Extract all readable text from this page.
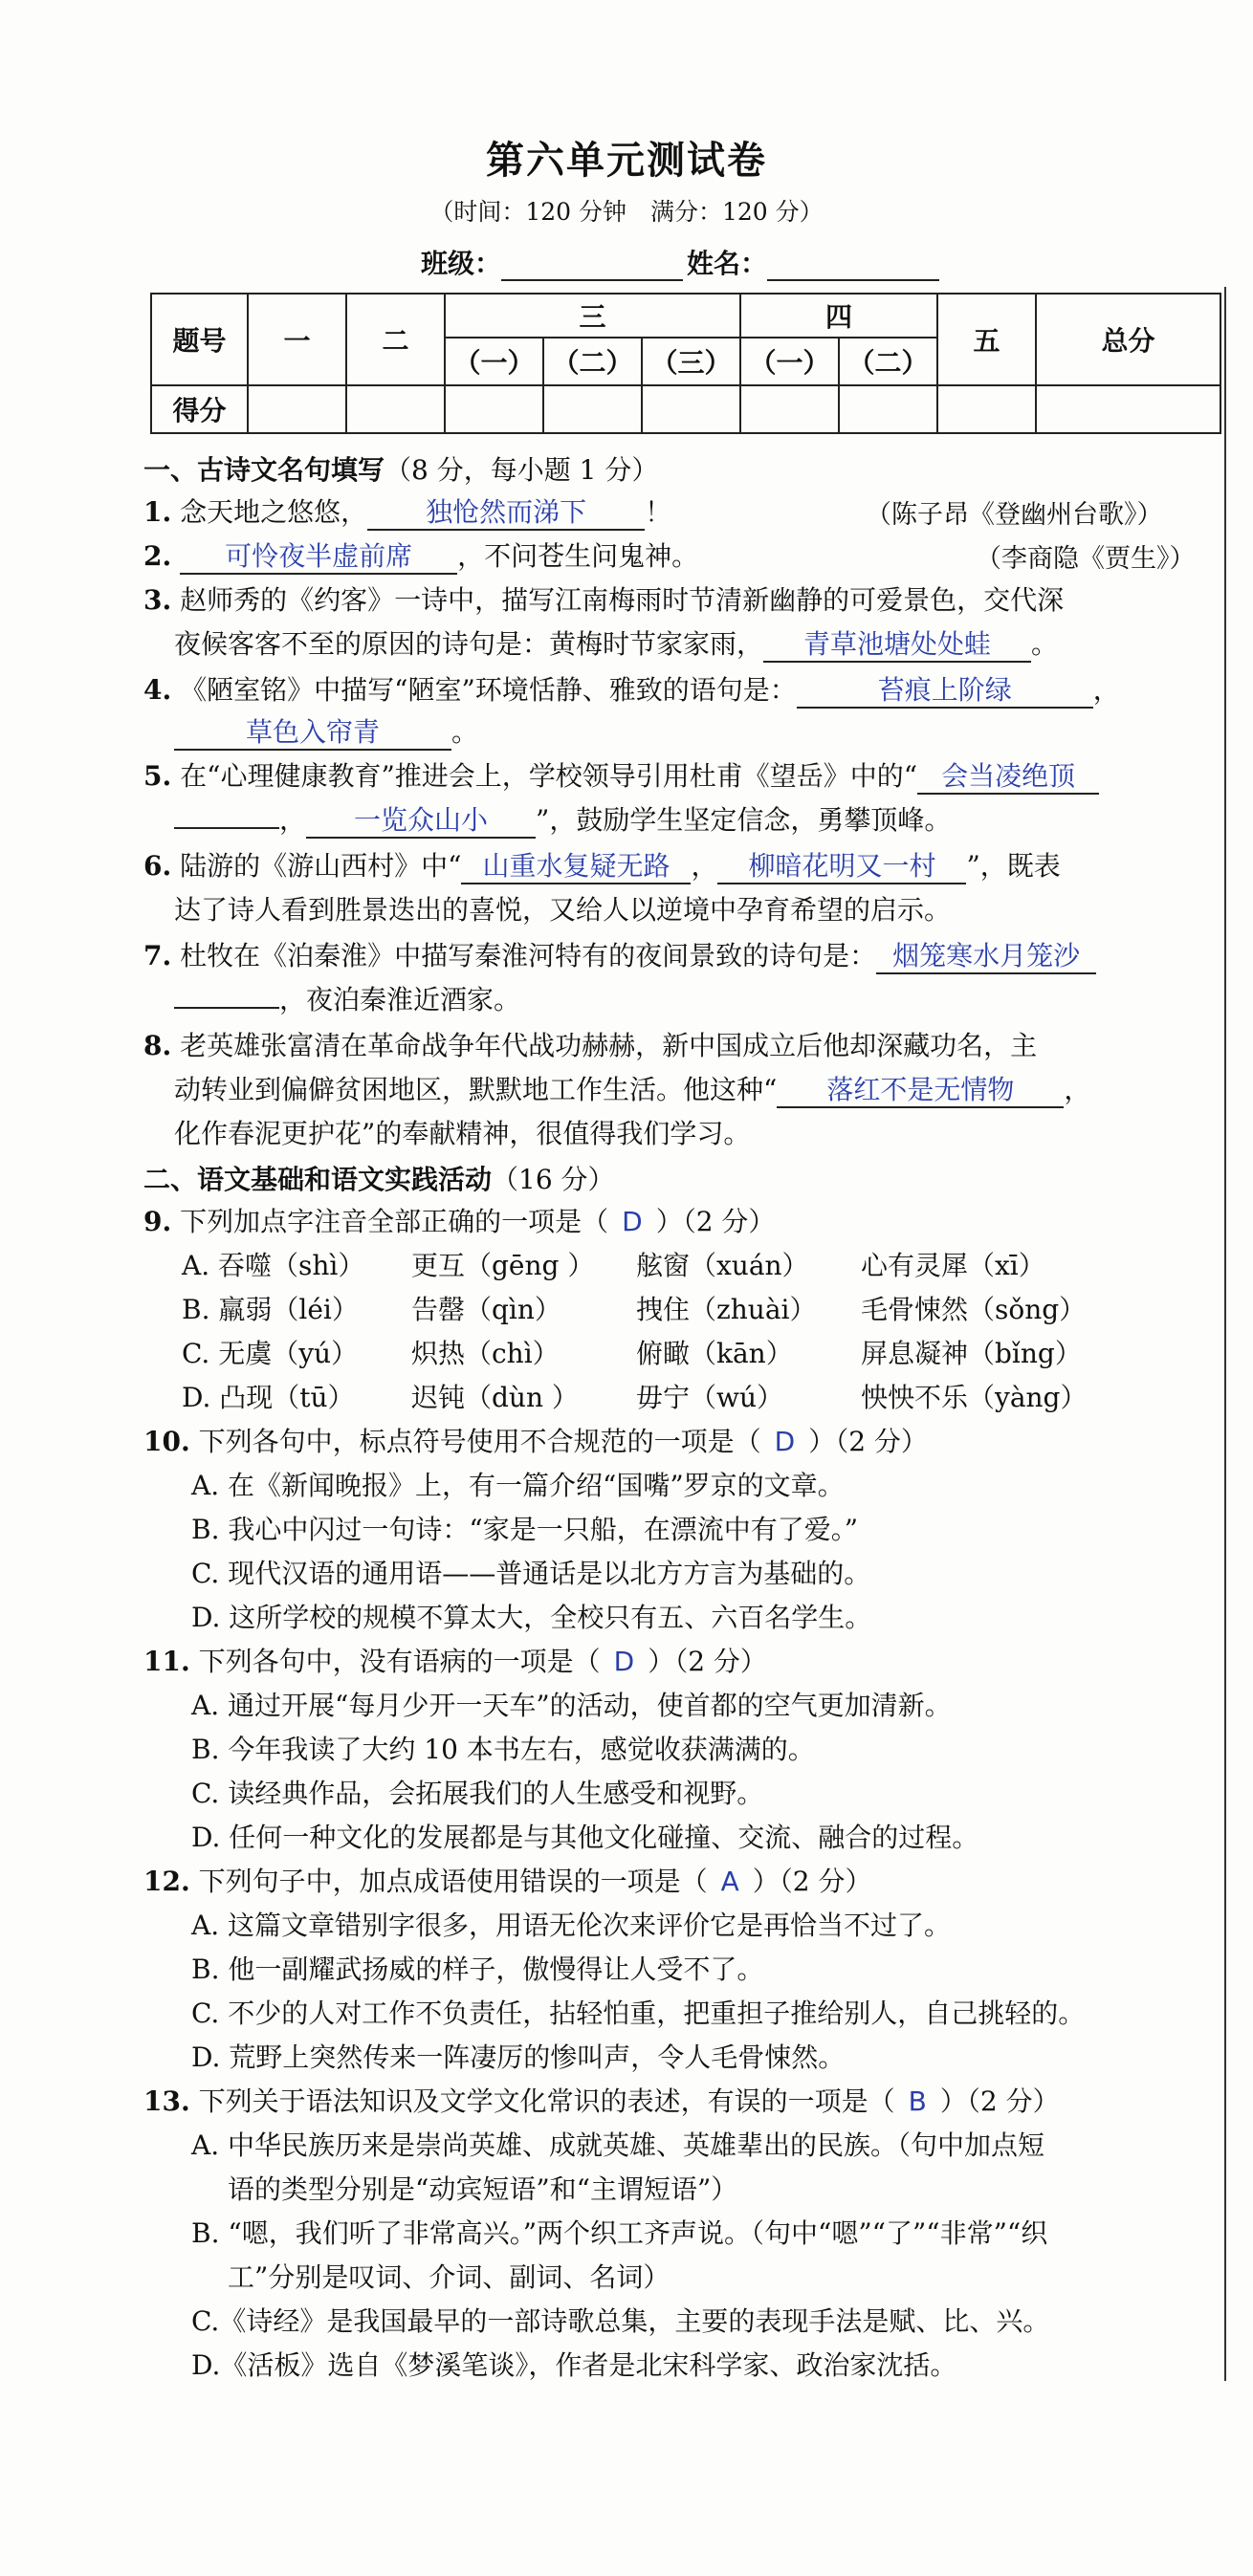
第六单元测试卷
（时间：120 分钟　满分：120 分）
班级：	姓名：
题号	一	二	三			四		五	总分
			（一）	（二）	（三）	（一）	（二）		
得分									
一、古诗文名句填写（8 分，每小题 1 分）
1. 念天地之悠悠， 独怆然而涕下 ！	（陈子昂《登幽州台歌》）
2. 可怜夜半虚前席 ，不问苍生问鬼神。	（李商隐《贾生》）
3. 赵师秀的《约客》一诗中，描写江南梅雨时节清新幽静的可爱景色，交代深
夜候客客不至的原因的诗句是：黄梅时节家家雨， 青草池塘处处蛙 。
4. 《陋室铭》中描写“陋室”环境恬静、雅致的语句是：	苔痕上阶绿	，
草色入帘青	。
5. 在“心理健康教育”推进会上，学校领导引用杜甫《望岳》中的“ 会当凌绝顶
， 一览众山小 ”，鼓励学生坚定信念，勇攀顶峰。
6. 陆游的《游山西村》中“ 山重水复疑无路 ， 柳暗花明又一村 ”，既表
达了诗人看到胜景迭出的喜悦，又给人以逆境中孕育希望的启示。
7. 杜牧在《泊秦淮》中描写秦淮河特有的夜间景致的诗句是： 烟笼寒水月笼沙
，夜泊秦淮近酒家。
8. 老英雄张富清在革命战争年代战功赫赫，新中国成立后他却深藏功名，主
动转业到偏僻贫困地区，默默地工作生活。他这种“ 落红不是无情物 ，
化作春泥更护花”的奉献精神，很值得我们学习。
二、语文基础和语文实践活动（16 分）
9. 下列加点字注音全部正确的一项是（ D ）（2 分）
A. 吞噬（shì） 更互（gēng ） 舷窗（xuán） 心有灵犀（xī）
B. 羸弱（léi） 告罄（qìn）	拽住（zhuài） 毛骨悚然（sǒng）
C. 无虞（yú） 炽热（chì）	俯瞰（kān）	屏息凝神（bǐng）
D. 凸现（tū） 迟钝（dùn ） 毋宁（wú）	怏怏不乐（yàng）
10. 下列各句中，标点符号使用不合规范的一项是（ D ）（2 分）
A. 在《新闻晚报》上，有一篇介绍“国嘴”罗京的文章。
B. 我心中闪过一句诗：“家是一只船，在漂流中有了爱。”
C. 现代汉语的通用语——普通话是以北方方言为基础的。
D. 这所学校的规模不算太大，全校只有五、六百名学生。
11. 下列各句中，没有语病的一项是（ D ）（2 分）
A. 通过开展“每月少开一天车”的活动，使首都的空气更加清新。
B. 今年我读了大约 10 本书左右，感觉收获满满的。
C. 读经典作品，会拓展我们的人生感受和视野。
D. 任何一种文化的发展都是与其他文化碰撞、交流、融合的过程。
12. 下列句子中，加点成语使用错误的一项是（ A ）（2 分）
A. 这篇文章错别字很多，用语无伦次来评价它是再恰当不过了。
B. 他一副耀武扬威的样子，傲慢得让人受不了。
C. 不少的人对工作不负责任，拈轻怕重，把重担子推给别人，自己挑轻的。
D. 荒野上突然传来一阵凄厉的惨叫声，令人毛骨悚然。
13. 下列关于语法知识及文学文化常识的表述，有误的一项是（ B ）（2 分）
A. 中华民族历来是崇尚英雄、成就英雄、英雄辈出的民族。（句中加点短
语的类型分别是“动宾短语”和“主谓短语”）
B. “嗯，我们听了非常高兴。”两个织工齐声说。（句中“嗯”“了”“非常”“织
工”分别是叹词、介词、副词、名词）
C.《诗经》是我国最早的一部诗歌总集，主要的表现手法是赋、比、兴。
D.《活板》选自《梦溪笔谈》，作者是北宋科学家、政治家沈括。
